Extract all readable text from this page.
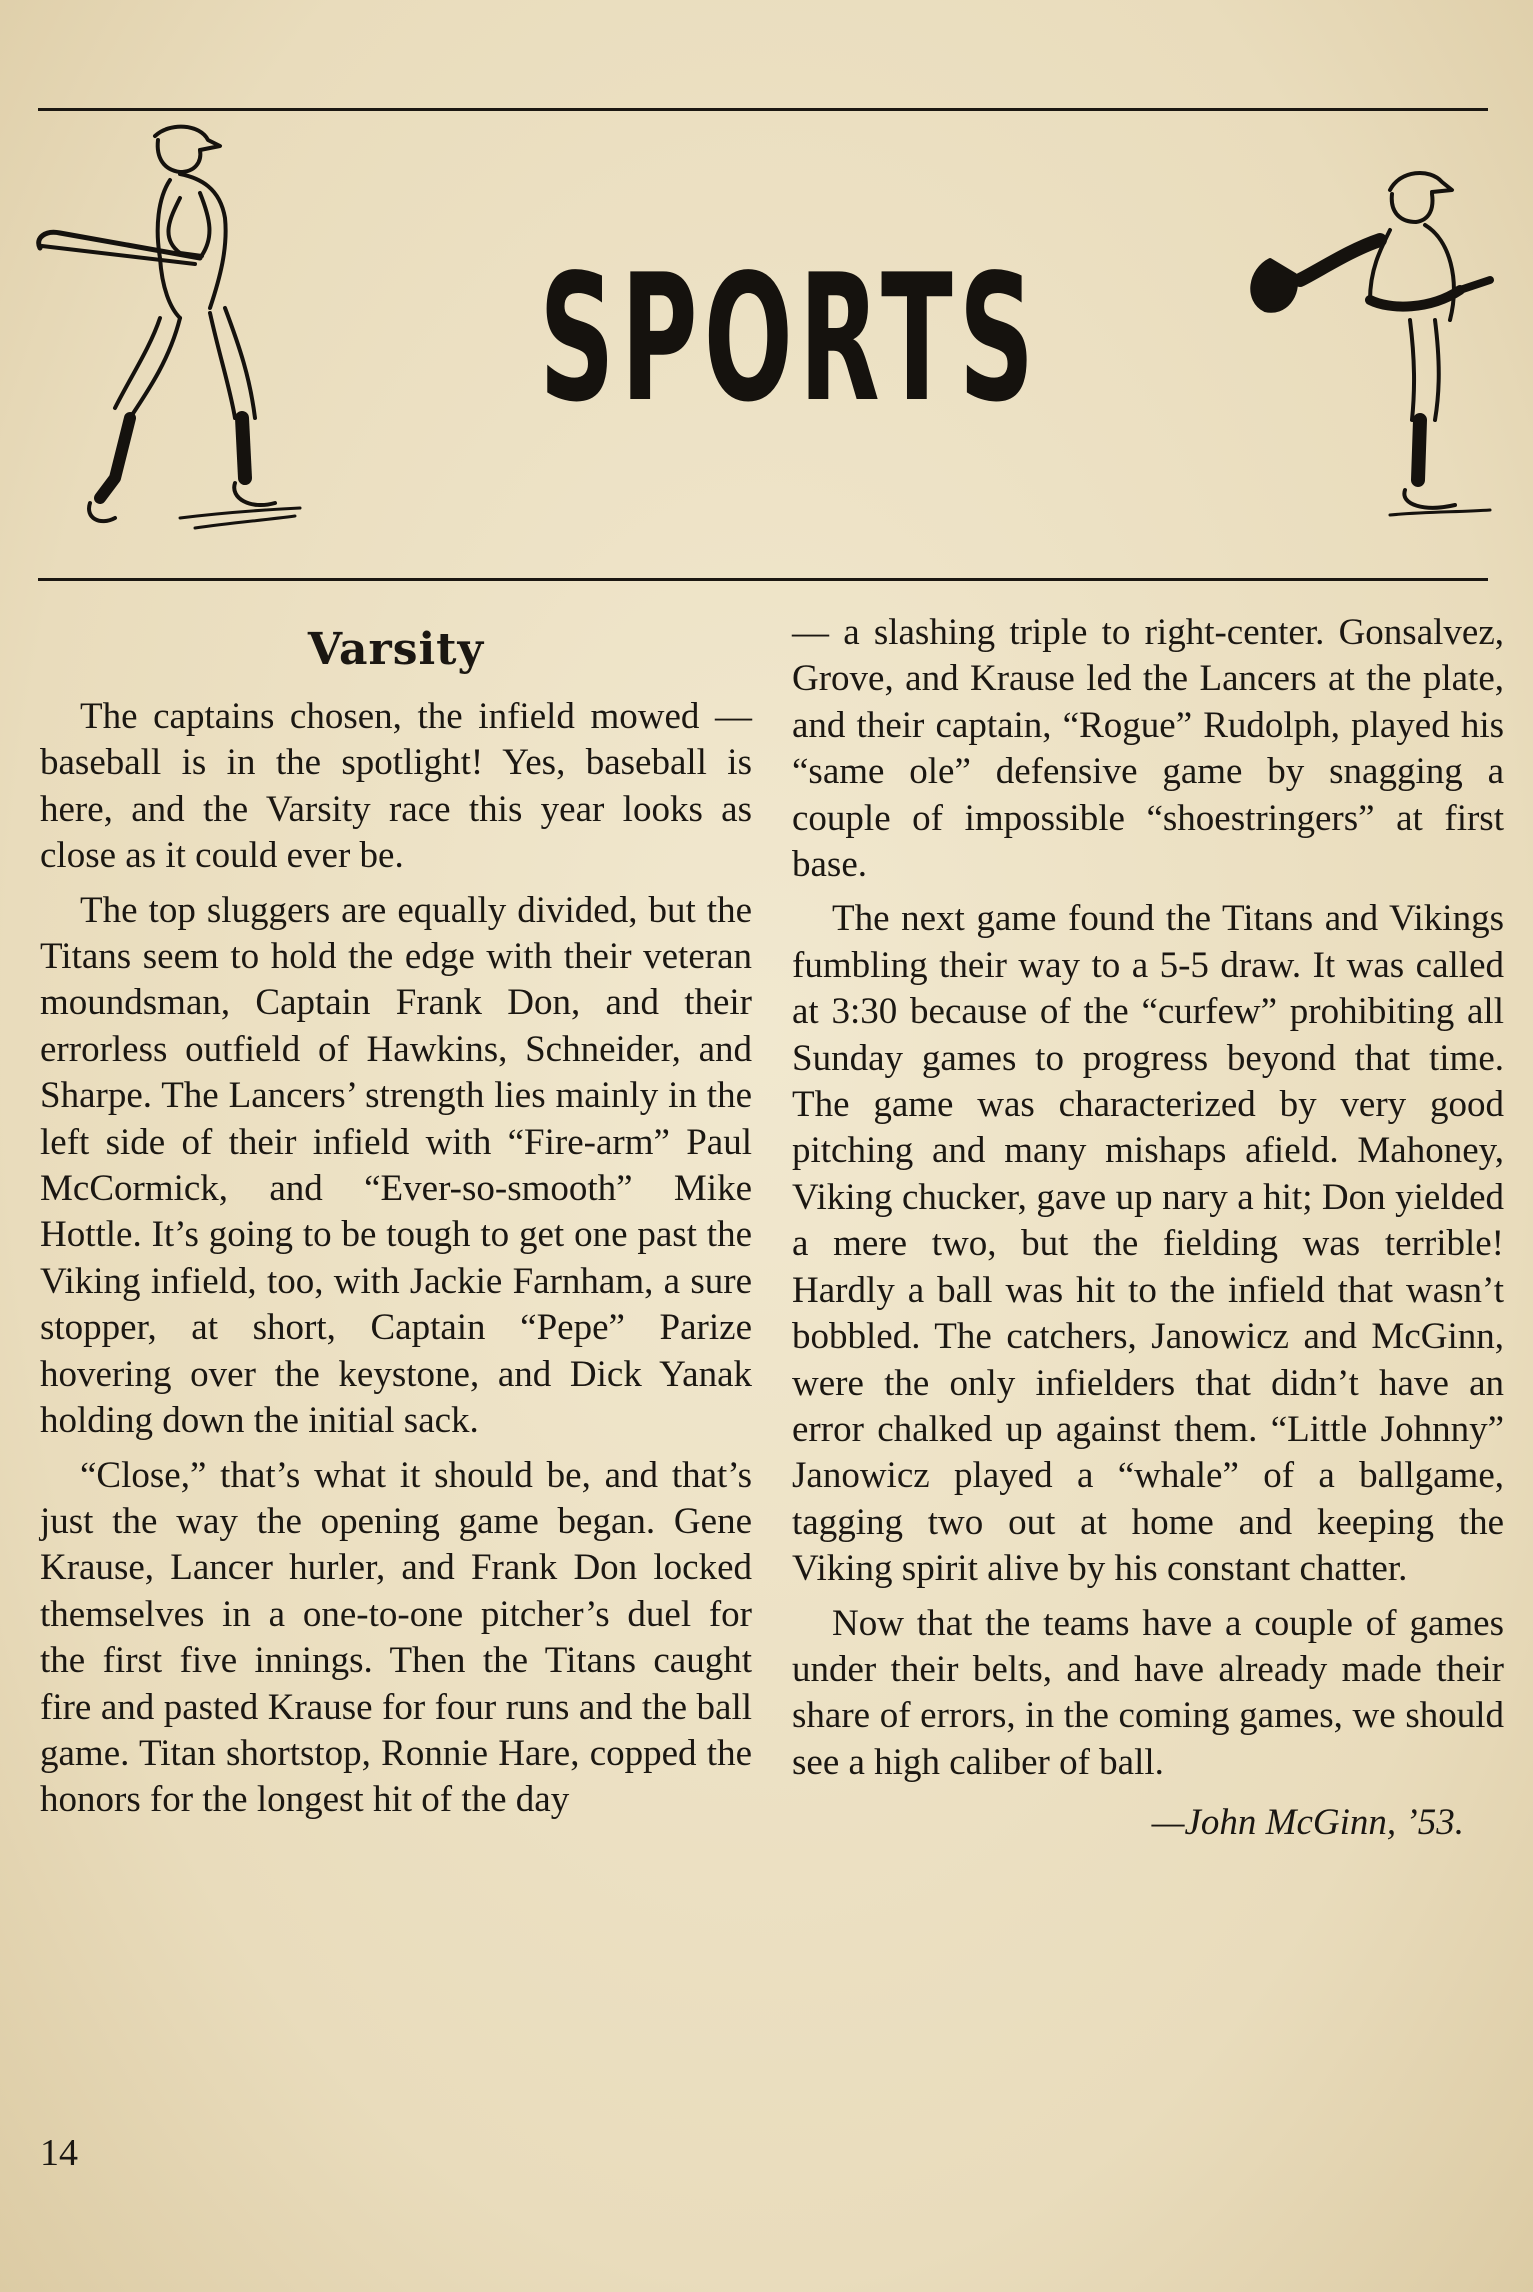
SPORTS
Varsity

The captains chosen, the infield mowed — baseball is in the spotlight! Yes, baseball is here, and the Varsity race this year looks as close as it could ever be.

The top sluggers are equally divided, but the Titans seem to hold the edge with their veteran moundsman, Captain Frank Don, and their errorless outfield of Hawkins, Schneider, and Sharpe. The Lancers’ strength lies mainly in the left side of their infield with “Fire-arm” Paul McCormick, and “Ever-so-smooth” Mike Hottle. It’s going to be tough to get one past the Viking infield, too, with Jackie Farnham, a sure stopper, at short, Captain “Pepe” Parize hovering over the keystone, and Dick Yanak holding down the initial sack.

“Close,” that’s what it should be, and that’s just the way the opening game began. Gene Krause, Lancer hurler, and Frank Don locked themselves in a one-to-one pitcher’s duel for the first five innings. Then the Titans caught fire and pasted Krause for four runs and the ball game. Titan shortstop, Ronnie Hare, copped the honors for the longest hit of the day

— a slashing triple to right-center. Gonsalvez, Grove, and Krause led the Lancers at the plate, and their captain, “Rogue” Rudolph, played his “same ole” defensive game by snagging a couple of impossible “shoestringers” at first base.

The next game found the Titans and Vikings fumbling their way to a 5-5 draw. It was called at 3:30 because of the “curfew” prohibiting all Sunday games to progress beyond that time. The game was characterized by very good pitching and many mishaps afield. Mahoney, Viking chucker, gave up nary a hit; Don yielded a mere two, but the fielding was terrible! Hardly a ball was hit to the infield that wasn’t bobbled. The catchers, Janowicz and McGinn, were the only infielders that didn’t have an error chalked up against them. “Little Johnny” Janowicz played a “whale” of a ballgame, tagging two out at home and keeping the Viking spirit alive by his constant chatter.

Now that the teams have a couple of games under their belts, and have already made their share of errors, in the coming games, we should see a high caliber of ball.

—John McGinn, ’53.
14
